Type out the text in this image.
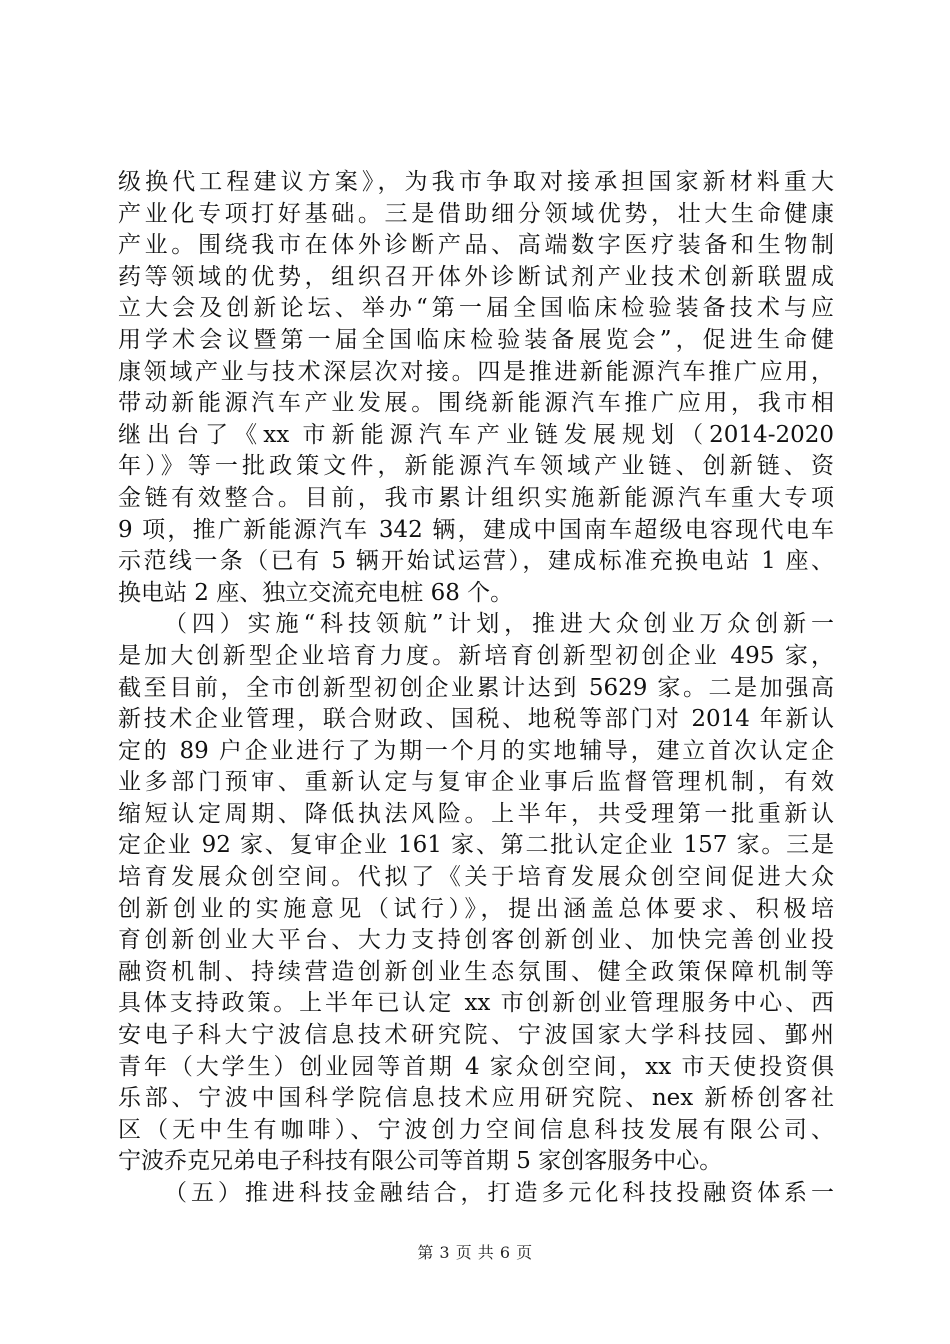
级换代工程建议方案》，为我市争取对接承担国家新材料重大
产业化专项打好基础。三是借助细分领域优势，壮大生命健康
产业。围绕我市在体外诊断产品、高端数字医疗装备和生物制
药等领域的优势，组织召开体外诊断试剂产业技术创新联盟成
立大会及创新论坛、举办“第一届全国临床检验装备技术与应
用学术会议暨第一届全国临床检验装备展览会”，促进生命健
康领域产业与技术深层次对接。四是推进新能源汽车推广应用，
带动新能源汽车产业发展。围绕新能源汽车推广应用，我市相
继出台了《xx 市新能源汽车产业链发展规划（2014-2020
年）》等一批政策文件，新能源汽车领域产业链、创新链、资
金链有效整合。目前，我市累计组织实施新能源汽车重大专项
9 项，推广新能源汽车 342 辆，建成中国南车超级电容现代电车
示范线一条（已有 5 辆开始试运营），建成标准充换电站 1 座、
换电站 2 座、独立交流充电桩 68 个。
（四）实施“科技领航”计划，推进大众创业万众创新一
是加大创新型企业培育力度。新培育创新型初创企业 495 家，
截至目前，全市创新型初创企业累计达到 5629 家。二是加强高
新技术企业管理，联合财政、国税、地税等部门对 2014 年新认
定的 89 户企业进行了为期一个月的实地辅导，建立首次认定企
业多部门预审、重新认定与复审企业事后监督管理机制，有效
缩短认定周期、降低执法风险。上半年，共受理第一批重新认
定企业 92 家、复审企业 161 家、第二批认定企业 157 家。三是
培育发展众创空间。代拟了《关于培育发展众创空间促进大众
创新创业的实施意见（试行）》，提出涵盖总体要求、积极培
育创新创业大平台、大力支持创客创新创业、加快完善创业投
融资机制、持续营造创新创业生态氛围、健全政策保障机制等
具体支持政策。上半年已认定 xx 市创新创业管理服务中心、西
安电子科大宁波信息技术研究院、宁波国家大学科技园、鄞州
青年（大学生）创业园等首期 4 家众创空间，xx 市天使投资俱
乐部、宁波中国科学院信息技术应用研究院、nex 新桥创客社
区（无中生有咖啡）、宁波创力空间信息科技发展有限公司、
宁波乔克兄弟电子科技有限公司等首期 5 家创客服务中心。
（五）推进科技金融结合，打造多元化科技投融资体系一
第 3 页 共 6 页
